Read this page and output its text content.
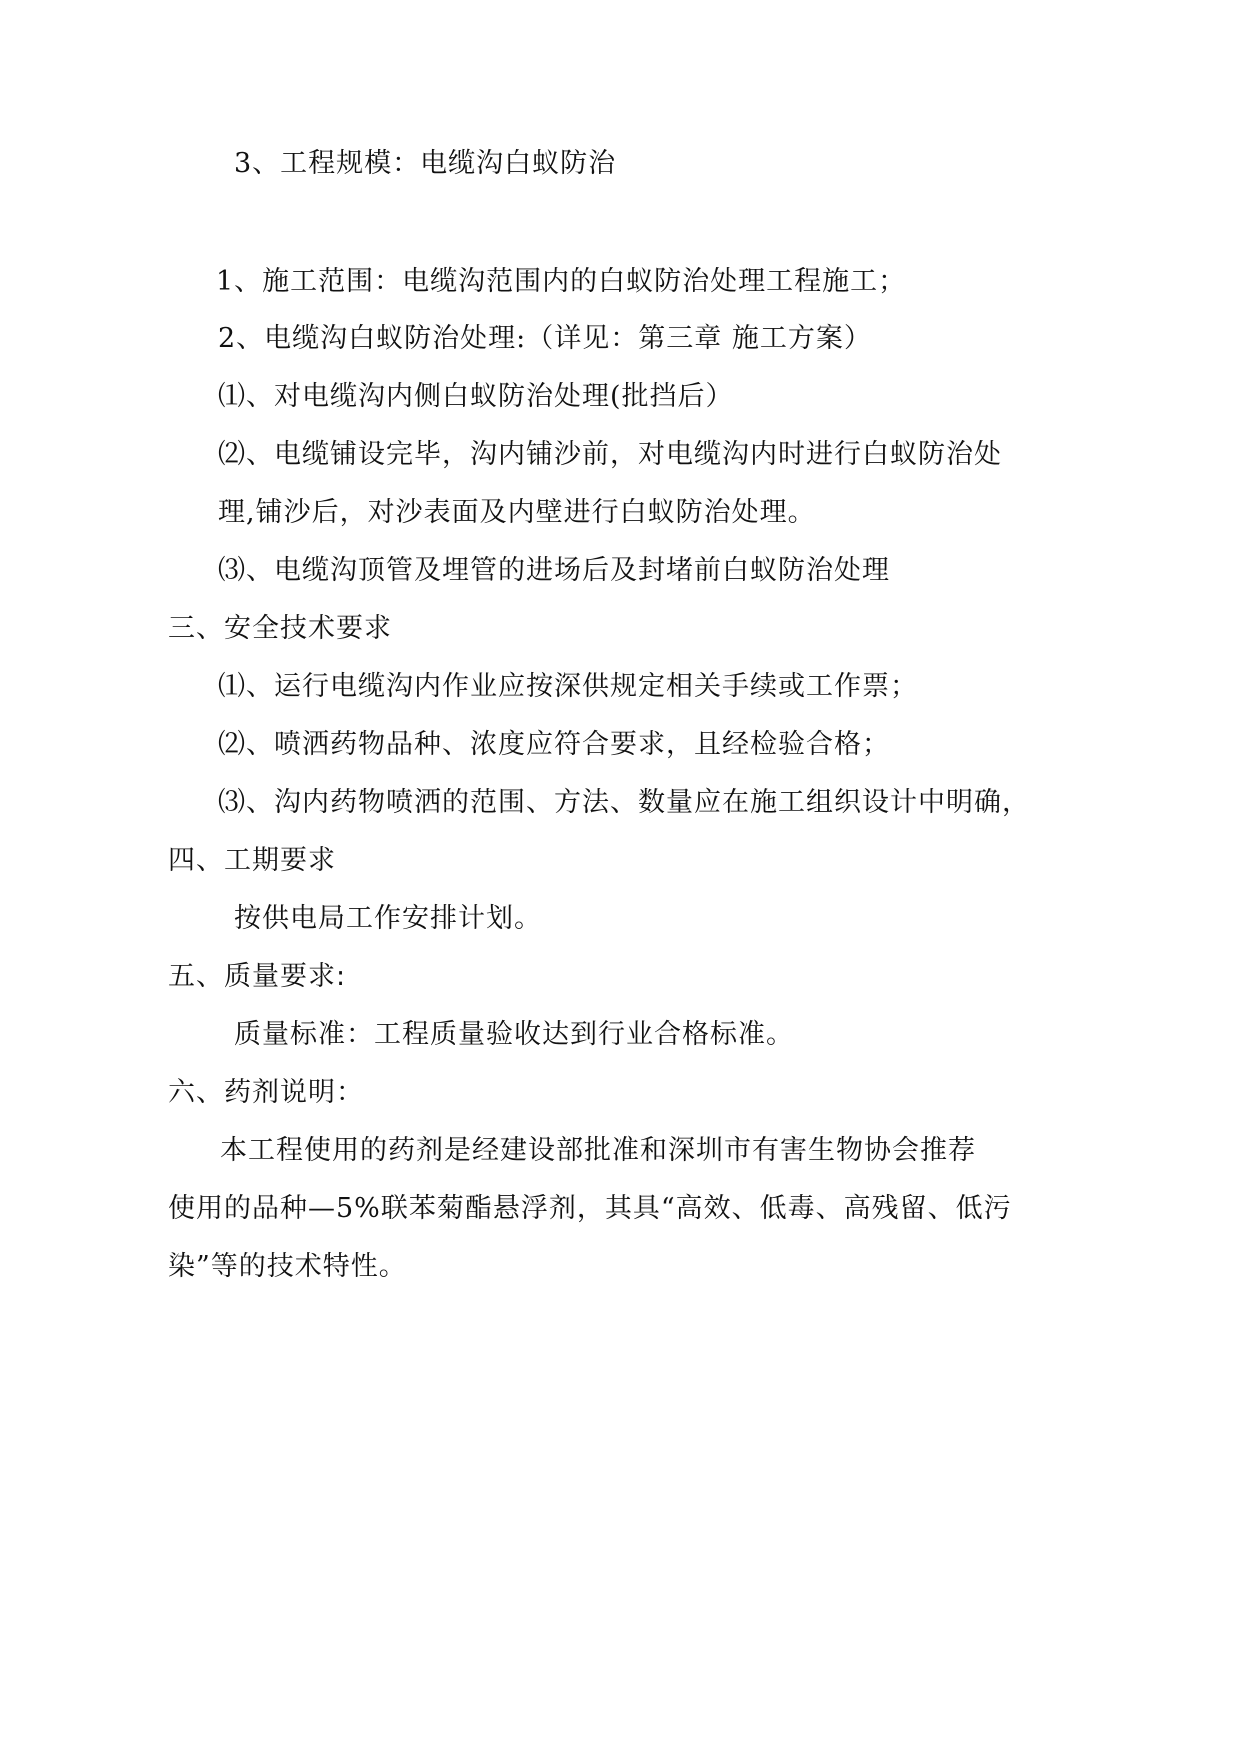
3、工程规模：电缆沟白蚁防治
1、施工范围：电缆沟范围内的白蚁防治处理工程施工；
2、电缆沟白蚁防治处理:（详见：第三章 施工方案）
⑴、对电缆沟内侧白蚁防治处理(批挡后）
⑵、电缆铺设完毕，沟内铺沙前，对电缆沟内时进行白蚁防治处
理,铺沙后，对沙表面及内壁进行白蚁防治处理。
⑶、电缆沟顶管及埋管的进场后及封堵前白蚁防治处理
三、安全技术要求
⑴、运行电缆沟内作业应按深供规定相关手续或工作票；
⑵、喷洒药物品种、浓度应符合要求，且经检验合格；
⑶、沟内药物喷洒的范围、方法、数量应在施工组织设计中明确，
四、工期要求
按供电局工作安排计划。
五、质量要求:
质量标准：工程质量验收达到行业合格标准。
六、药剂说明：
本工程使用的药剂是经建设部批准和深圳市有害生物协会推荐
使用的品种—5%联苯菊酯悬浮剂，其具“高效、低毒、高残留、低污
染”等的技术特性。
